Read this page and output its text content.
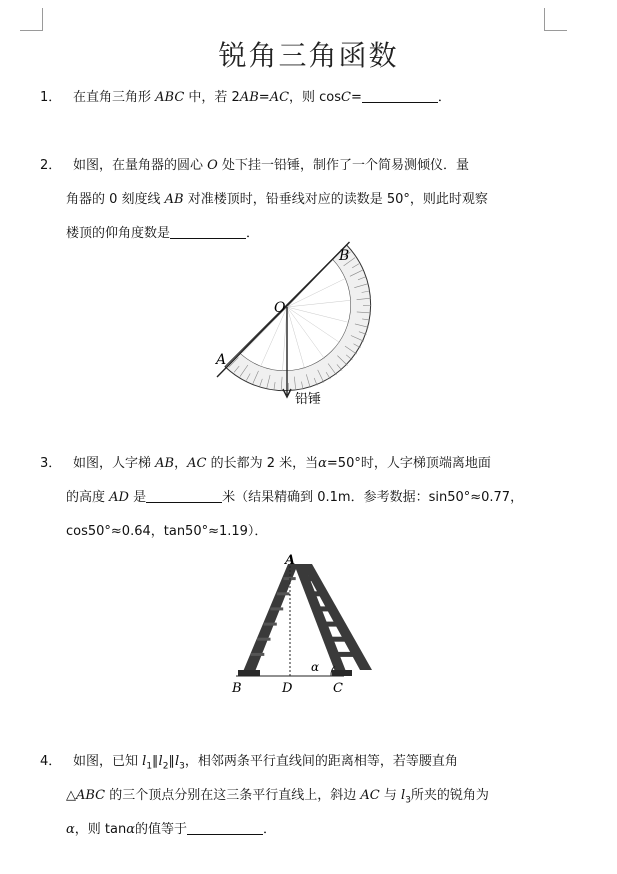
锐角三角函数
1． 在直角三角形 ABC 中，若 2AB=AC，则 cosC=	．
2． 如图，在量角器的圆心 O 处下挂一铅锤，制作了一个简易测倾仪．量
角器的 0 刻度线 AB 对准楼顶时，铅垂线对应的读数是 50°，则此时观察
楼顶的仰角度数是	．
B
O
A
铅锤
3． 如图，人字梯 AB，AC 的长都为 2 米，当α=50°时，人字梯顶端离地面
的高度 AD 是	米（结果精确到 0.1m．参考数据：sin50°≈0.77，
cos50°≈0.64，tan50°≈1.19）．
A
B	D	C
α
4． 如图，已知 $l_1\parallel l_2\parallel l_3$，相邻两条平行直线间的距离相等，若等腰直角
△ABC 的三个顶点分别在这三条平行直线上，斜边 AC 与 $l_3$所夹的锐角为
α，则 tanα的值等于	．
